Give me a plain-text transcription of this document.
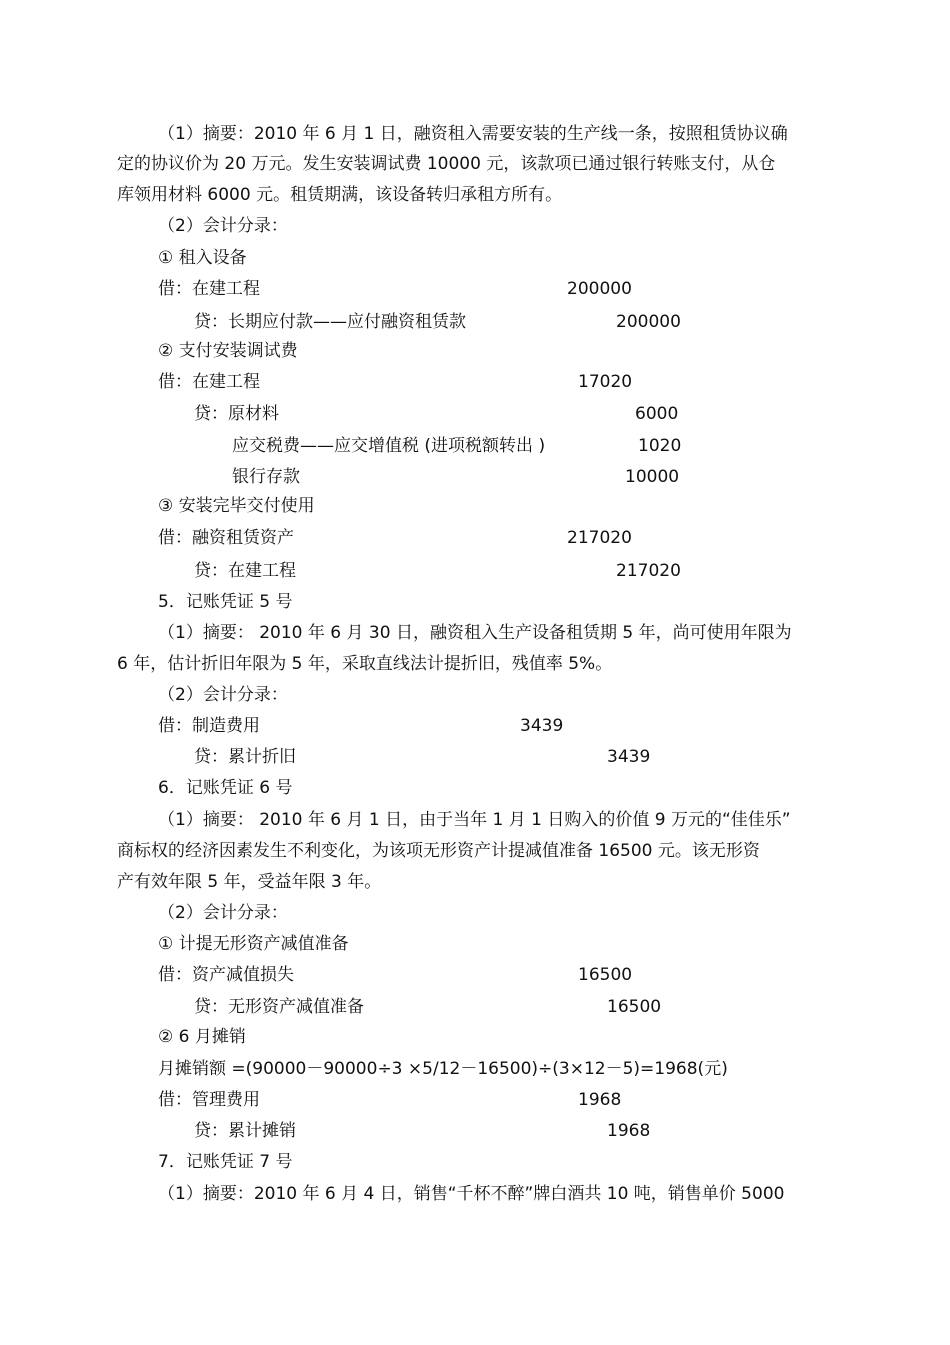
（1）摘要：2010 年 6 月 1 日，融资租入需要安装的生产线一条，按照租赁协议确
定的协议价为 20 万元。发生安装调试费 10000 元，该款项已通过银行转账支付，从仓
库领用材料 6000 元。租赁期满，该设备转归承租方所有。
（2）会计分录：
① 租入设备
借：在建工程	200000
贷：长期应付款——应付融资租赁款	200000
② 支付安装调试费
借：在建工程	17020
贷：原材料	6000
应交税费——应交增值税 (进项税额转出 )	1020
银行存款	10000
③ 安装完毕交付使用
借：融资租赁资产	217020
贷：在建工程	217020
5．记账凭证 5 号
（1）摘要： 2010 年 6 月 30 日，融资租入生产设备租赁期 5 年，尚可使用年限为
6 年，估计折旧年限为 5 年，采取直线法计提折旧，残值率 5%。
（2）会计分录：
借：制造费用	3439
贷：累计折旧	3439
6．记账凭证 6 号
（1）摘要： 2010 年 6 月 1 日，由于当年 1 月 1 日购入的价值 9 万元的“佳佳乐”
商标权的经济因素发生不利变化，为该项无形资产计提减值准备 16500 元。该无形资
产有效年限 5 年，受益年限 3 年。
（2）会计分录：
① 计提无形资产减值准备
借：资产减值损失	16500
贷：无形资产减值准备	16500
② 6 月摊销
月摊销额 =(90000－90000÷3 ×5/12－16500)÷(3×12－5)=1968(元)
借：管理费用	1968
贷：累计摊销	1968
7．记账凭证 7 号
（1）摘要：2010 年 6 月 4 日，销售“千杯不醉”牌白酒共 10 吨，销售单价 5000
